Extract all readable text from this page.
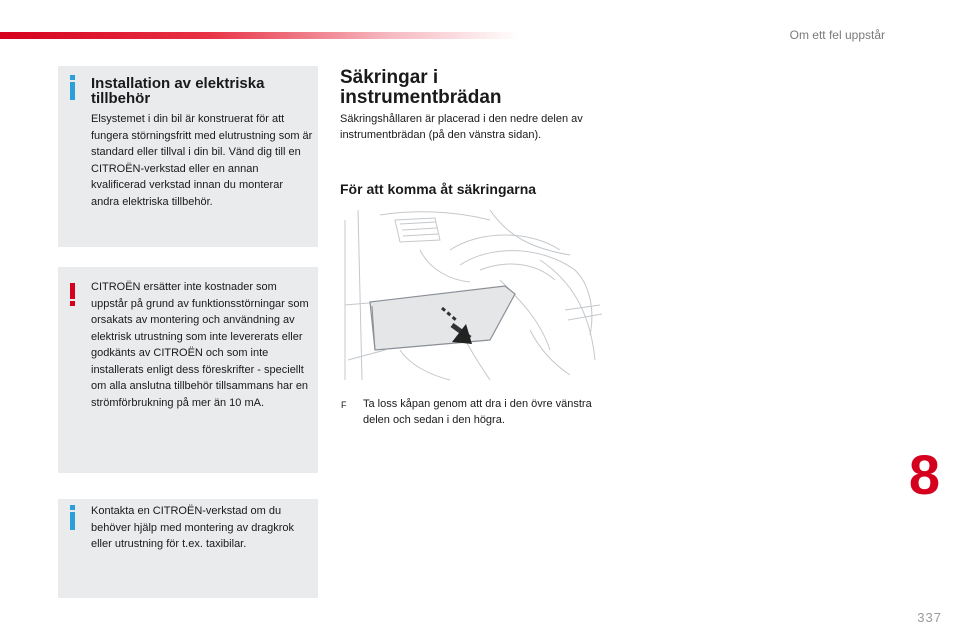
Om ett fel uppstår
Installation av elektriska tillbehör
Elsystemet i din bil är konstruerat för att fungera störningsfritt med elutrustning som är standard eller tillval i din bil. Vänd dig till en CITROËN-verkstad eller en annan kvalificerad verkstad innan du monterar andra elektriska tillbehör.
CITROËN ersätter inte kostnader som uppstår på grund av funktionsstörningar som orsakats av montering och användning av elektrisk utrustning som inte levererats eller godkänts av CITROËN och som inte installerats enligt dess föreskrifter - speciellt om alla anslutna tillbehör tillsammans har en strömförbrukning på mer än 10 mA.
Kontakta en CITROËN-verkstad om du behöver hjälp med montering av dragkrok eller utrustning för t.ex. taxibilar.
Säkringar i instrumentbrädan
Säkringshållaren är placerad i den nedre delen av instrumentbrädan (på den vänstra sidan).
För att komma åt säkringarna
F Ta loss kåpan genom att dra i den övre vänstra delen och sedan i den högra.
8
337
